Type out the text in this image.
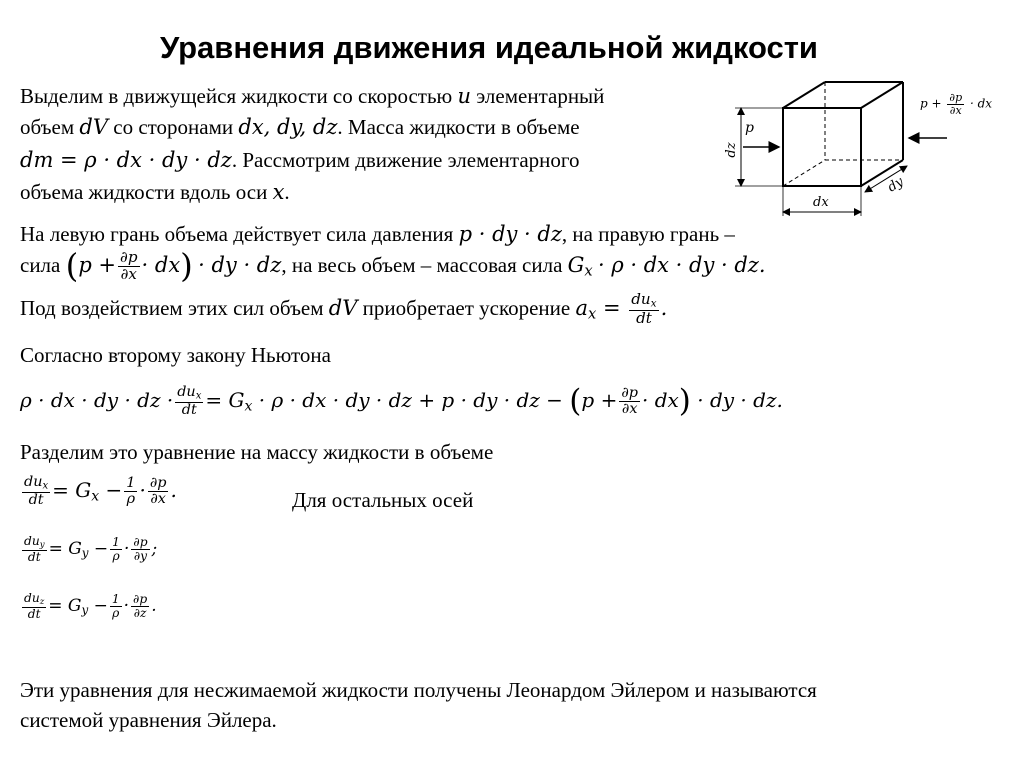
Уравнения движения идеальной жидкости
Выделим в движущейся жидкости со скоростью u элементарный
объем dV со сторонами dx, dy, dz. Масса жидкости в объеме
dm = ρ · dx · dy · dz. Рассмотрим движение элементарного
объема жидкости вдоль оси x.
p
dz
dx
dy
$p + \frac{\partial p}{\partial x}$ · dx
На левую грань объема действует сила давления p · dy · dz, на правую грань –
сила $(p + \frac{\partial p}{\partial x} \cdot dx)$ · dy · dz, на весь объем – массовая сила $G_x \cdot \rho$ · dx · dy · dz.
Под воздействием этих сил объем dV приобретает ускорение $a_x = \frac{du_x}{dt}$ .
Согласно второму закону Ньютона
ρ · dx · dy · dz · $\frac{du_x}{dt} = G_x \cdot \rho$ · dx · dy · dz + p · dy · dz − $(p + \frac{\partial p}{\partial x} \cdot dx)$ · dy · dz.
Разделим это уравнение на массу жидкости в объеме
$\frac{du_x}{dt} = G_x - \frac{1}{\rho} \cdot \frac{\partial p}{\partial x}$ .	Для остальных осей
$\frac{du_y}{dt} = G_y - \frac{1}{\rho} \cdot \frac{\partial p}{\partial y}$ ;
$\frac{du_z}{dt} = G_y - \frac{1}{\rho} \cdot \frac{\partial p}{\partial z}$ .
Эти уравнения для несжимаемой жидкости получены Леонардом Эйлером и называются
системой уравнения Эйлера.
